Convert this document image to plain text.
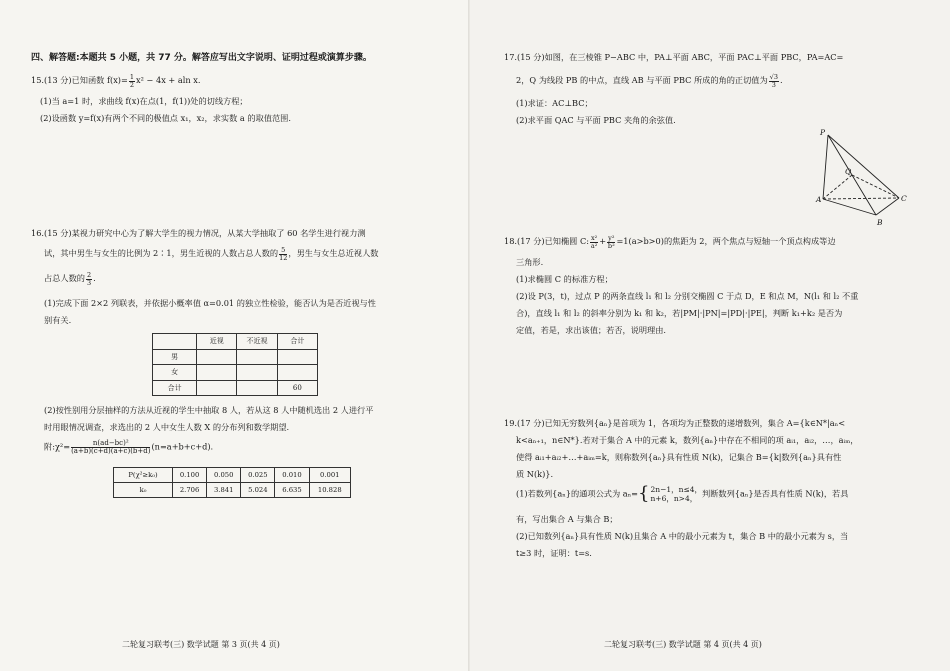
四、解答题:本题共 5 小题，共 77 分。解答应写出文字说明、证明过程或演算步骤。
15.(13 分)已知函数 $f(x)= \frac{1}{2} x^2 - 4x + aln$ x.
(1)当 a=1 时，求曲线 f(x)在点(1，f(1))处的切线方程；
(2)设函数 y=f(x)有两个不同的极值点 x₁，x₂，求实数 a 的取值范围.
16.(15 分)某视力研究中心为了解大学生的视力情况，从某大学抽取了 60 名学生进行视力测
试，其中男生与女生的比例为 2∶1，男生近视的人数占总人数的 $\frac{5}{12}$ ，男生与女生总近视人数
占总人数的 $\frac{2}{3}$ .
(1)完成下面 2×2 列联表，并依据小概率值 α=0.01 的独立性检验，能否认为是否近视与性
别有关.
	近视	不近视	合计
男			
女			
合计			60
(2)按性别用分层抽样的方法从近视的学生中抽取 8 人，若从这 8 人中随机选出 2 人进行平
时用眼情况调查，求选出的 2 人中女生人数 X 的分布列和数学期望.
附:χ²= $\frac{\text{n(ad−bc)²}}{(a+b)(c+d)(a+c)(b+d)} (n=a+b+c+d)$.
P(χ²≥k₀)	0.100	0.050	0.025	0.010	0.001
k₀	2.706	3.841	5.024	6.635	10.828
二轮复习联考(三) 数学试题 第 3 页(共 4 页)
17.(15 分)如图，在三棱锥 P−ABC 中，PA⊥平面 ABC，平面 PAC⊥平面 PBC，PA=AC=
2，Q 为线段 PB 的中点，直线 AB 与平面 PBC 所成的角的正切值为 $\frac{√3}{3}$ .
(1)求证：AC⊥BC；
(2)求平面 QAC 与平面 PBC 夹角的余弦值.
P
Q
A
B
C
18.(17 分)已知椭圆 C: $\frac{\text{x²}}{\text{a²}} + \frac{\text{y²}}{\text{b²}} =1(a>b>0)$的焦距为 2，两个焦点与短轴一个顶点构成等边
三角形.
(1)求椭圆 C 的标准方程；
(2)设 P(3，t)，过点 P 的两条直线 l₁ 和 l₂ 分别交椭圆 C 于点 D，E 和点 M，N(l₁ 和 l₂ 不重
合)，直线 l₁ 和 l₂ 的斜率分别为 k₁ 和 k₂，若|PM|·|PN|=|PD|·|PE|，判断 k₁+k₂ 是否为
定值，若是，求出该值；若否，说明理由.
19.(17 分)已知无穷数列{aₙ}是首项为 1，各项均为正整数的递增数列，集合 A={k∈N*|aₙ<
k<aₙ₊₁，n∈N*}.若对于集合 A 中的元素 k，数列{aₙ}中存在不相同的项 aᵢ₁，aᵢ₂，…，aᵢₘ，
使得 aᵢ₁+aᵢ₂+…+aᵢₘ=k，则称数列{aₙ}具有性质 N(k)，记集合 B={k|数列{aₙ}具有性
质 N(k)}.
(1)若数列{aₙ}的通项公式为 aₙ={ 2n−1，n≤4，
n+6，n>4，
判断数列{aₙ}是否具有性质 N(k)，若具
有，写出集合 A 与集合 B；
(2)已知数列{aₙ}具有性质 N(k)且集合 A 中的最小元素为 t，集合 B 中的最小元素为 s，当
t≥3 时，证明：t=s.
二轮复习联考(三) 数学试题 第 4 页(共 4 页)
